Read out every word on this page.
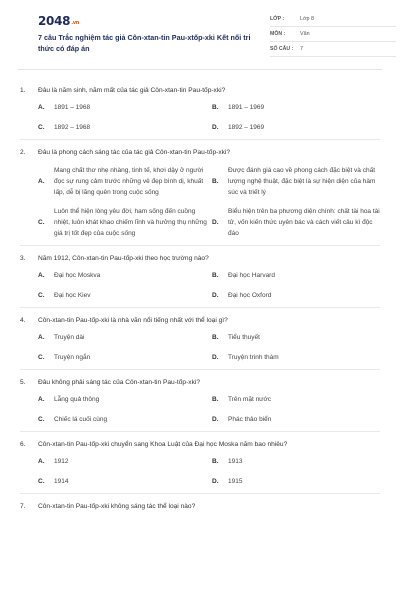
$2048^{.vn}$
7 câu Trắc nghiệm tác giả Côn-xtan-tin Pau-xtốp-xki Kết nối tri thức có đáp án
LỚP :	Lớp 8
MÔN :	Văn
SỐ CÂU :	7
1.	Đâu là năm sinh, năm mất của tác giả Côn-xtan-tin Pau-tốp-xki?
A.	1891 – 1968	B.	1891 – 1969
C.	1892 – 1968	D.	1892 – 1969
2.	Đâu là phong cách sáng tác của tác giả Côn-xtan-tin Pau-tốp-xki?
A.
Mang chất thơ nhẹ nhàng, tinh tế, khơi dậy ở người đọc sự rung cảm trước những vẻ đẹp bình dị, khuất lấp, dễ bị lãng quên trong cuộc sống
B.
Được đánh giá cao về phong cách đặc biệt và chất lượng nghệ thuật, đặc biệt là sự hiện diện của hàm súc và triết lý
C.
Luôn thể hiện lòng yêu đời, ham sống đến cuồng nhiệt, luôn khát khao chiếm lĩnh và hưởng thụ những giá trị tốt đẹp của cuộc sống
D.
Biểu hiện trên ba phương diện chính: chất tài hoa tài tử, vốn kiến thức uyên bác và cách viết câu kì độc đáo
3.	Năm 1912, Côn-xtan-tin Pau-tốp-xki theo học trường nào?
A.	Đại học Moskva	B.	Đại học Harvard
C.	Đại học Kiev	D.	Đại học Oxford
4.	Côn-xtan-tin Pau-tốp-xki là nhà văn nổi tiếng nhất với thể loại gì?
A.	Truyện dài	B.	Tiểu thuyết
C.	Truyện ngắn	D.	Truyện trinh thám
5.	Đâu không phải sáng tác của Côn-xtan-tin Pau-tốp-xki?
A.	Lẵng quả thông	B.	Trên mặt nước
C.	Chiếc lá cuối cùng	D.	Phác thảo biển
6.	Côn-xtan-tin Pau-tốp-xki chuyển sang Khoa Luật của Đại học Moska năm bao nhiêu?
A.	1912	B.	1913
C.	1914	D.	1915
7.	Côn-xtan-tin Pau-tốp-xki không sáng tác thể loại nào?
